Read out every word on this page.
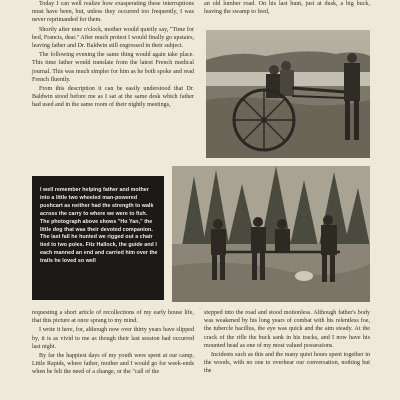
Today I can well realize how exasperating these interruptions must have been, but, unless they occurred too frequently, I was never reprimanded for them.

Shortly after nine o'clock, mother would quietly say, "Time for bed, Francis, dear." After much protest I would finally go upstairs, leaving father and Dr. Baldwin still engrossed in their subject.

The following evening the same thing would again take place. This time father would translate from the latest French medical journal. This was much simpler for him as he both spoke and read French fluently.

From this description it can be easily understood that Dr. Baldwin stood before me as I sat at the same desk which father had used and in the same room of their nightly meetings,

an old lumber road. On his last hunt, just at dusk, a big buck, leaving the swamp to feed,

I well remember helping father and mother into a little two wheeled man-powered pushcart as neither had the strength to walk across the carry to where we were to fish. The photograph above shows "Ho Yan," the little dog that was their devoted companion. The last fall he hunted we rigged out a chair tied to two poles. Fitz Hallock, the guide and I each manned an end and carried him over the trails he loved so well

requesting a short article of recollections of my early house life, that this picture at once sprang to my mind.

I write it here, for, although now over thirty years have slipped by, it is as vivid to me as though their last session had occurred last night.

By far the happiest days of my youth were spent at our camp, Little Rapids, where father, mother and I would go for week-ends when he felt the need of a change, or the "call of the

stepped into the road and stood motionless. Although father's body was weakened by his long years of combat with his relentless foe, the tubercle bacillus, the eye was quick and the aim steady. At the crack of the rifle the buck sank in his tracks, and I now have his mounted head as one of my most valued possessions.

Incidents such as this and the many quiet hours spent together in the woods, with no one to overhear our conversation, nothing but the
